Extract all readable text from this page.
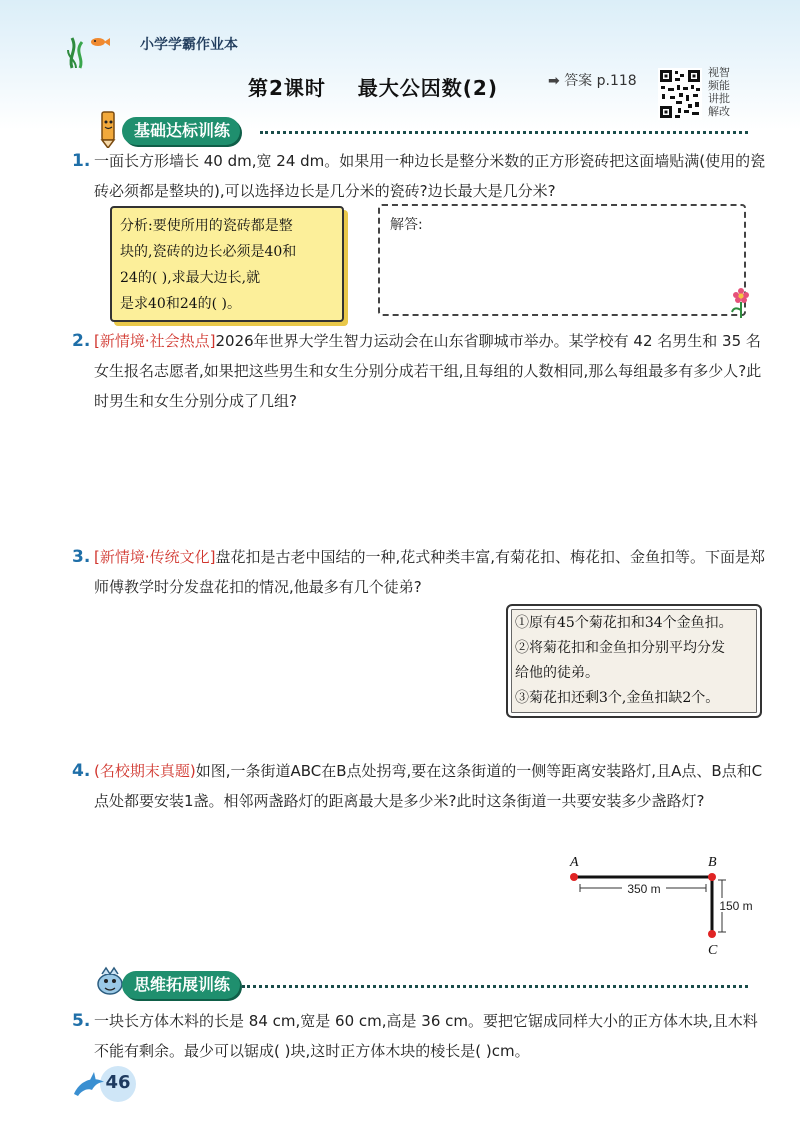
小学学霸作业本
第2课时 最大公因数(2)	➡ 答案 p.118
视智
频能
讲批
解改
基础达标训练
1. 一面长方形墙长 40 dm,宽 24 dm。如果用一种边长是整分米数的正方形瓷砖把这面墙贴满(使用的瓷砖必须都是整块的),可以选择边长是几分米的瓷砖?边长最大是几分米?
分析:要使所用的瓷砖都是整
块的,瓷砖的边长必须是40和
24的( ),求最大边长,就
是求40和24的( )。
解答:
2. [新情境·社会热点]2026年世界大学生智力运动会在山东省聊城市举办。某学校有 42 名男生和 35 名女生报名志愿者,如果把这些男生和女生分别分成若干组,且每组的人数相同,那么每组最多有多少人?此时男生和女生分别分成了几组?
3. [新情境·传统文化]盘花扣是古老中国结的一种,花式种类丰富,有菊花扣、梅花扣、金鱼扣等。下面是郑师傅教学时分发盘花扣的情况,他最多有几个徒弟?
①原有45个菊花扣和34个金鱼扣。
②将菊花扣和金鱼扣分别平均分发
给他的徒弟。
③菊花扣还剩3个,金鱼扣缺2个。
4. (名校期末真题)如图,一条街道ABC在B点处拐弯,要在这条街道的一侧等距离安装路灯,且A点、B点和C点处都要安装1盏。相邻两盏路灯的距离最大是多少米?此时这条街道一共要安装多少盏路灯?
350 m
150 m
A	B
C
思维拓展训练
5. 一块长方体木料的长是 84 cm,宽是 60 cm,高是 36 cm。要把它锯成同样大小的正方体木块,且木料不能有剩余。最少可以锯成( )块,这时正方体木块的棱长是( )cm。
46
